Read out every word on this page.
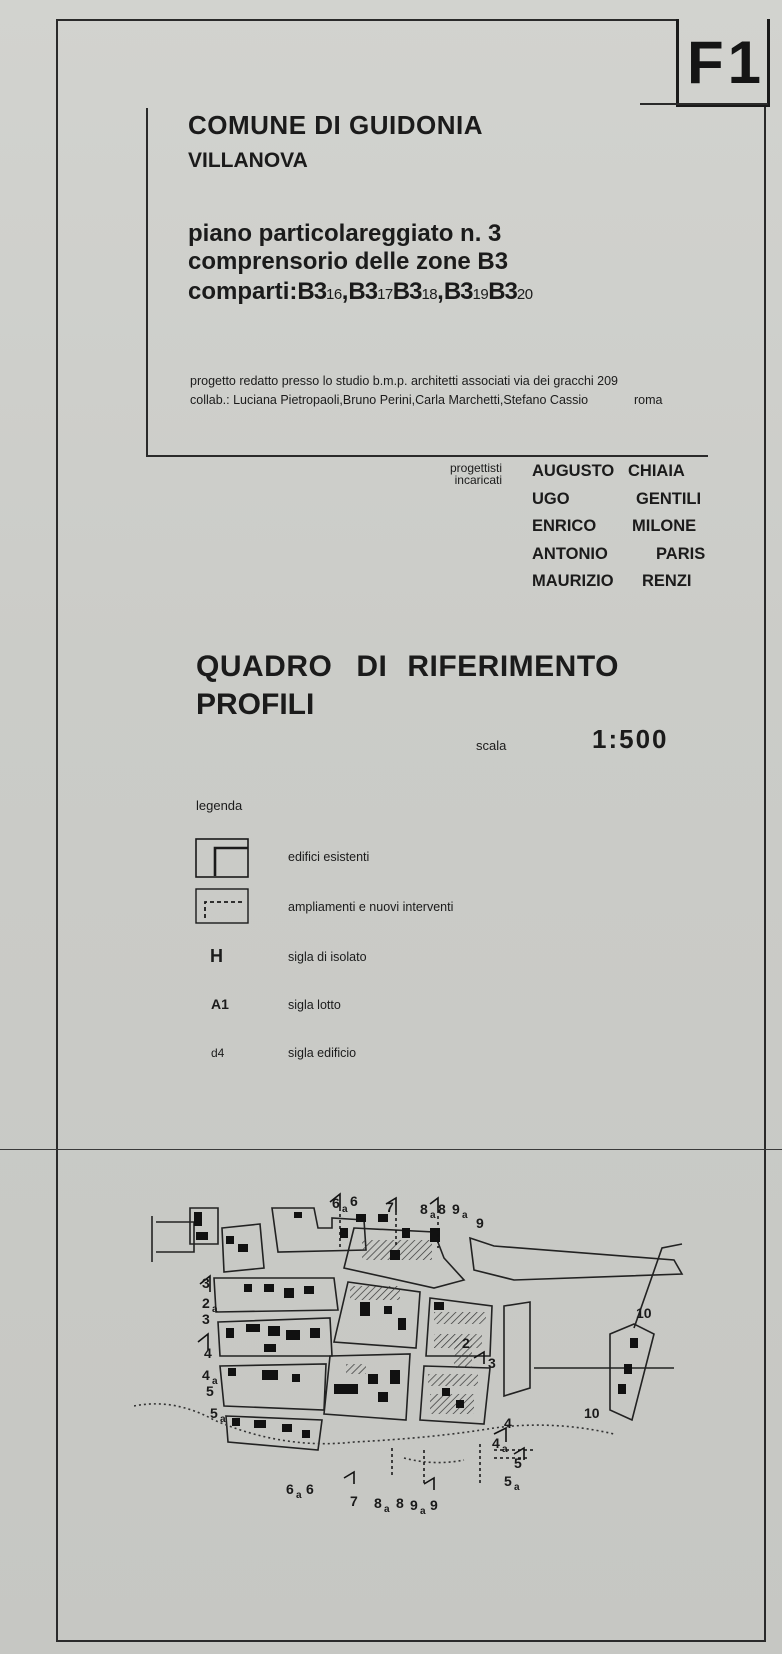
F1
COMUNE DI GUIDONIA
VILLANOVA
piano particolareggiato n. 3
comprensorio delle zone B3
comparti:B316,B317B318,B319B320
progetto redatto presso lo studio b.m.p. architetti associati via dei gracchi 209
collab.: Luciana Pietropaoli,Bruno Perini,Carla Marchetti,Stefano Cassio	roma
progettisti
incaricati AUGUSTO CHIAIA
UGO	GENTILI
ENRICO MILONE
ANTONIO	PARIS
MAURIZIO RENZI
QUADRO DI RIFERIMENTO
PROFILI
scala	1:500
legenda
edifici esistenti
ampliamenti e nuovi interventi
H	sigla di isolato
A1	sigla lotto
d4	sigla edificio
6 a
6 7 8 a 8 9 a 9
6 a 6
7 8 a 8 9 a 9
3
2 a
3
4
4 a
5
5 a
2
3
4
4 a
5
5 a
10
10
